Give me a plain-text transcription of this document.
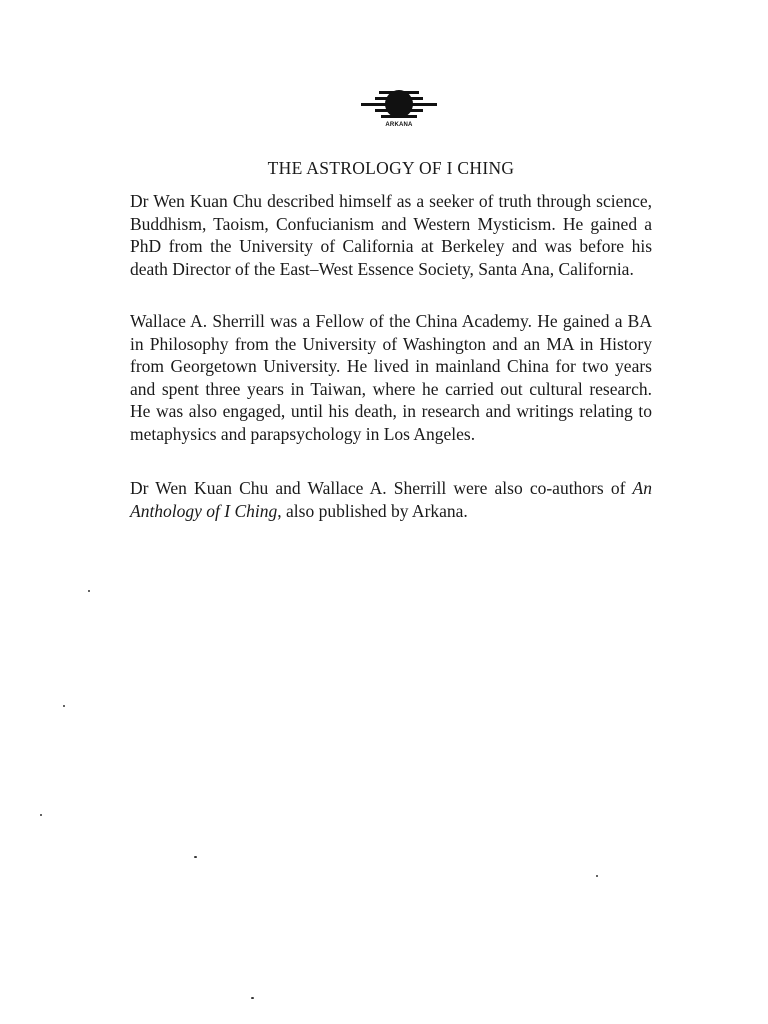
ARKANA
THE ASTROLOGY OF I CHING

Dr Wen Kuan Chu described himself as a seeker of truth through science, Buddhism, Taoism, Confucianism and Western Mysticism. He gained a PhD from the University of California at Berkeley and was before his death Director of the East–West Essence Society, Santa Ana, California.

Wallace A. Sherrill was a Fellow of the China Academy. He gained a BA in Philosophy from the University of Washington and an MA in History from Georgetown University. He lived in mainland China for two years and spent three years in Taiwan, where he carried out cultural research. He was also engaged, until his death, in research and writings relating to metaphysics and parapsychology in Los Angeles.

Dr Wen Kuan Chu and Wallace A. Sherrill were also co-authors of An Anthology of I Ching, also published by Arkana.
